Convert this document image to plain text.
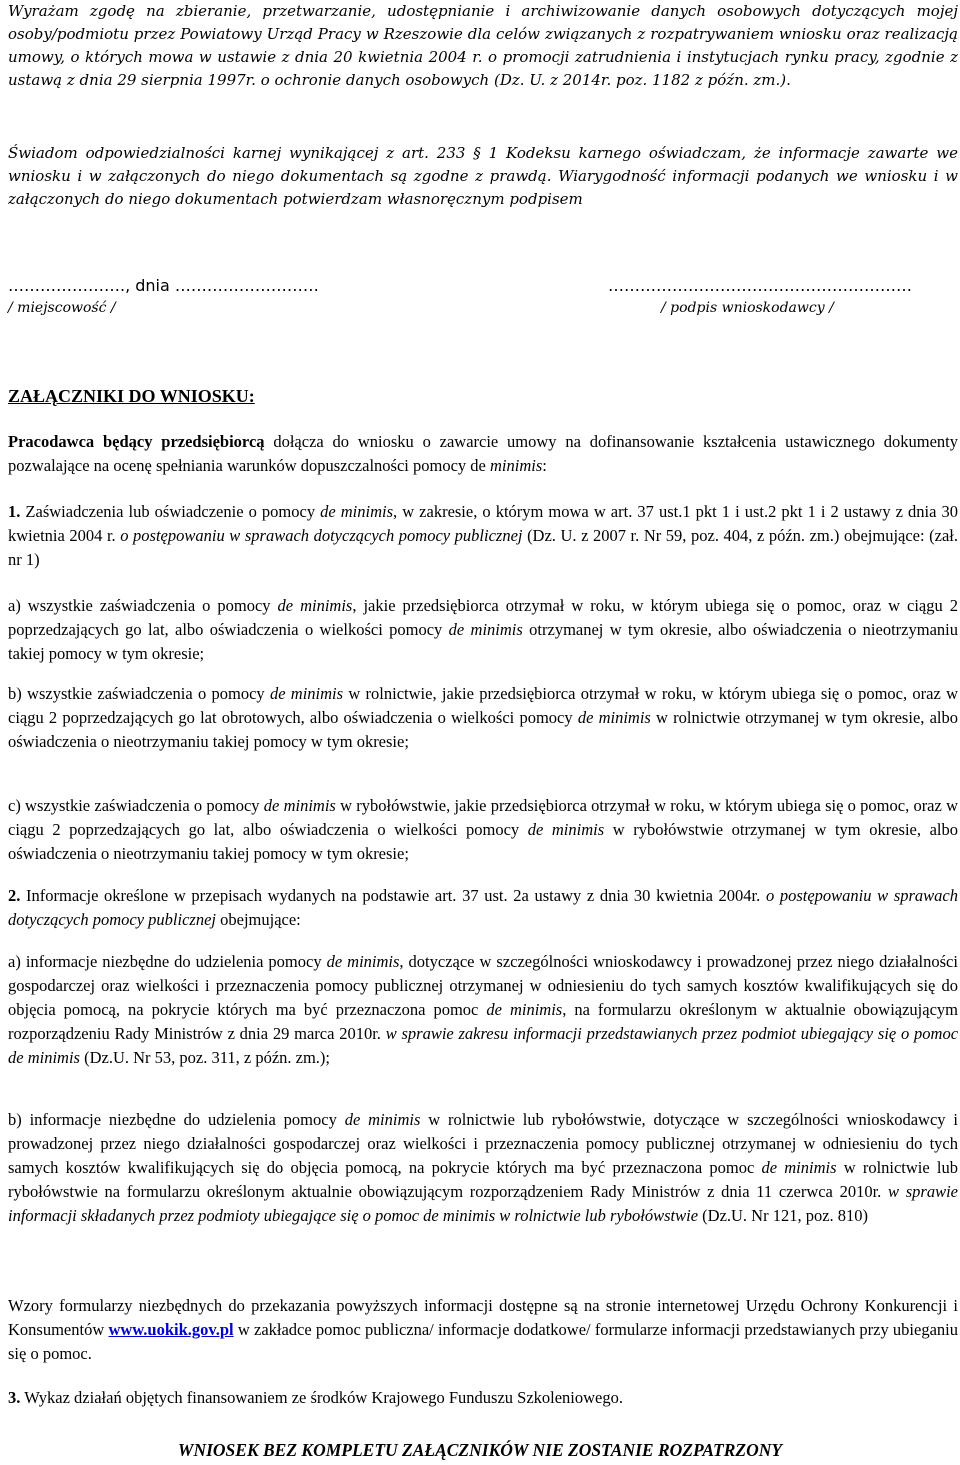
Wyrażam zgodę na zbieranie, przetwarzanie, udostępnianie i archiwizowanie danych osobowych dotyczących mojej osoby/podmiotu przez Powiatowy Urząd Pracy w Rzeszowie dla celów związanych z rozpatrywaniem wniosku oraz realizacją umowy, o których mowa w ustawie z dnia 20 kwietnia 2004 r. o promocji zatrudnienia i instytucjach rynku pracy, zgodnie z ustawą z dnia 29 sierpnia 1997r. o ochronie danych osobowych (Dz. U. z 2014r. poz. 1182 z późn. zm.).

Świadom odpowiedzialności karnej wynikającej z art. 233 § 1 Kodeksu karnego oświadczam, że informacje zawarte we wniosku i w załączonych do niego dokumentach są zgodne z prawdą. Wiarygodność informacji podanych we wniosku i w załączonych do niego dokumentach potwierdzam własnoręcznym podpisem

…………………., dnia ………………………	…………………………………………………
/ miejscowość /	/ podpis wnioskodawcy /
ZAŁĄCZNIKI DO WNIOSKU:

Pracodawca będący przedsiębiorcą dołącza do wniosku o zawarcie umowy na dofinansowanie kształcenia ustawicznego dokumenty pozwalające na ocenę spełniania warunków dopuszczalności pomocy de minimis:

1. Zaświadczenia lub oświadczenie o pomocy de minimis, w zakresie, o którym mowa w art. 37 ust.1 pkt 1 i ust.2 pkt 1 i 2 ustawy z dnia 30 kwietnia 2004 r. o postępowaniu w sprawach dotyczących pomocy publicznej (Dz. U. z 2007 r. Nr 59, poz. 404, z późn. zm.) obejmujące: (zał. nr 1)

a) wszystkie zaświadczenia o pomocy de minimis, jakie przedsiębiorca otrzymał w roku, w którym ubiega się o pomoc, oraz w ciągu 2 poprzedzających go lat, albo oświadczenia o wielkości pomocy de minimis otrzymanej w tym okresie, albo oświadczenia o nieotrzymaniu takiej pomocy w tym okresie;

b) wszystkie zaświadczenia o pomocy de minimis w rolnictwie, jakie przedsiębiorca otrzymał w roku, w którym ubiega się o pomoc, oraz w ciągu 2 poprzedzających go lat obrotowych, albo oświadczenia o wielkości pomocy de minimis w rolnictwie otrzymanej w tym okresie, albo oświadczenia o nieotrzymaniu takiej pomocy w tym okresie;

c) wszystkie zaświadczenia o pomocy de minimis w rybołówstwie, jakie przedsiębiorca otrzymał w roku, w którym ubiega się o pomoc, oraz w ciągu 2 poprzedzających go lat, albo oświadczenia o wielkości pomocy de minimis w rybołówstwie otrzymanej w tym okresie, albo oświadczenia o nieotrzymaniu takiej pomocy w tym okresie;

2. Informacje określone w przepisach wydanych na podstawie art. 37 ust. 2a ustawy z dnia 30 kwietnia 2004r. o postępowaniu w sprawach dotyczących pomocy publicznej obejmujące:

a) informacje niezbędne do udzielenia pomocy de minimis, dotyczące w szczególności wnioskodawcy i prowadzonej przez niego działalności gospodarczej oraz wielkości i przeznaczenia pomocy publicznej otrzymanej w odniesieniu do tych samych kosztów kwalifikujących się do objęcia pomocą, na pokrycie których ma być przeznaczona pomoc de minimis, na formularzu określonym w aktualnie obowiązującym rozporządzeniu Rady Ministrów z dnia 29 marca 2010r. w sprawie zakresu informacji przedstawianych przez podmiot ubiegający się o pomoc de minimis (Dz.U. Nr 53, poz. 311, z późn. zm.);

b) informacje niezbędne do udzielenia pomocy de minimis w rolnictwie lub rybołówstwie, dotyczące w szczególności wnioskodawcy i prowadzonej przez niego działalności gospodarczej oraz wielkości i przeznaczenia pomocy publicznej otrzymanej w odniesieniu do tych samych kosztów kwalifikujących się do objęcia pomocą, na pokrycie których ma być przeznaczona pomoc de minimis w rolnictwie lub rybołówstwie na formularzu określonym aktualnie obowiązującym rozporządzeniem Rady Ministrów z dnia 11 czerwca 2010r. w sprawie informacji składanych przez podmioty ubiegające się o pomoc de minimis w rolnictwie lub rybołówstwie (Dz.U. Nr 121, poz. 810)

Wzory formularzy niezbędnych do przekazania powyższych informacji dostępne są na stronie internetowej Urzędu Ochrony Konkurencji i Konsumentów www.uokik.gov.pl w zakładce pomoc publiczna/ informacje dodatkowe/ formularze informacji przedstawianych przy ubieganiu się o pomoc.

3. Wykaz działań objętych finansowaniem ze środków Krajowego Funduszu Szkoleniowego.

WNIOSEK BEZ KOMPLETU ZAŁĄCZNIKÓW NIE ZOSTANIE ROZPATRZONY
